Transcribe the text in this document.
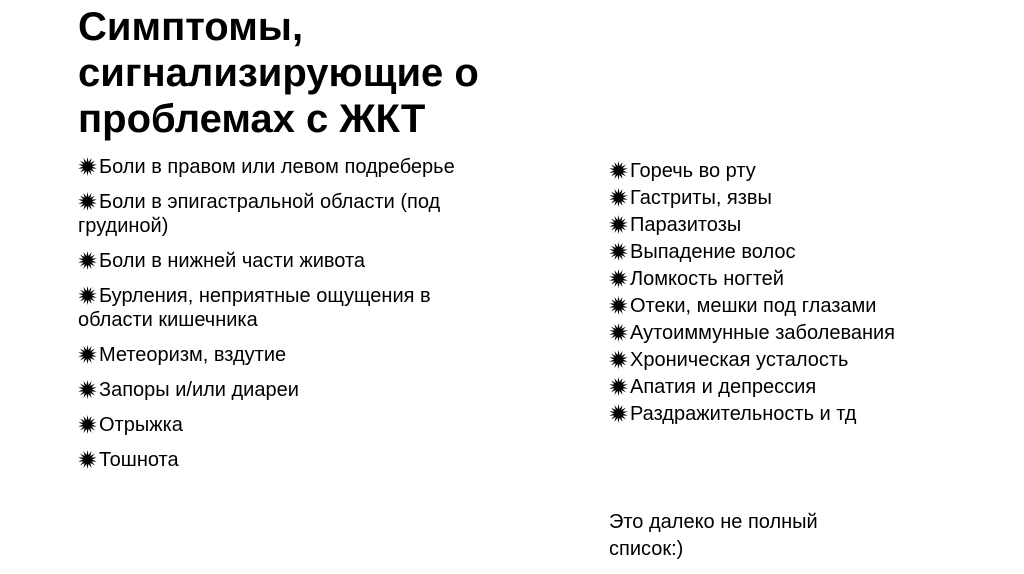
Симптомы,
сигнализирующие о
проблемах с ЖКТ
Боли в правом или левом подреберье
Боли в эпигастральной области (под грудиной)
Боли в нижней части живота
Бурления, неприятные ощущения в области кишечника
Метеоризм, вздутие
Запоры и/или диареи
Отрыжка
Тошнота
Горечь во рту
Гастриты, язвы
Паразитозы
Выпадение волос
Ломкость ногтей
Отеки, мешки под глазами
Аутоиммунные заболевания
Хроническая усталость
Апатия и депрессия
Раздражительность и тд

Это далеко не полный
список:)
